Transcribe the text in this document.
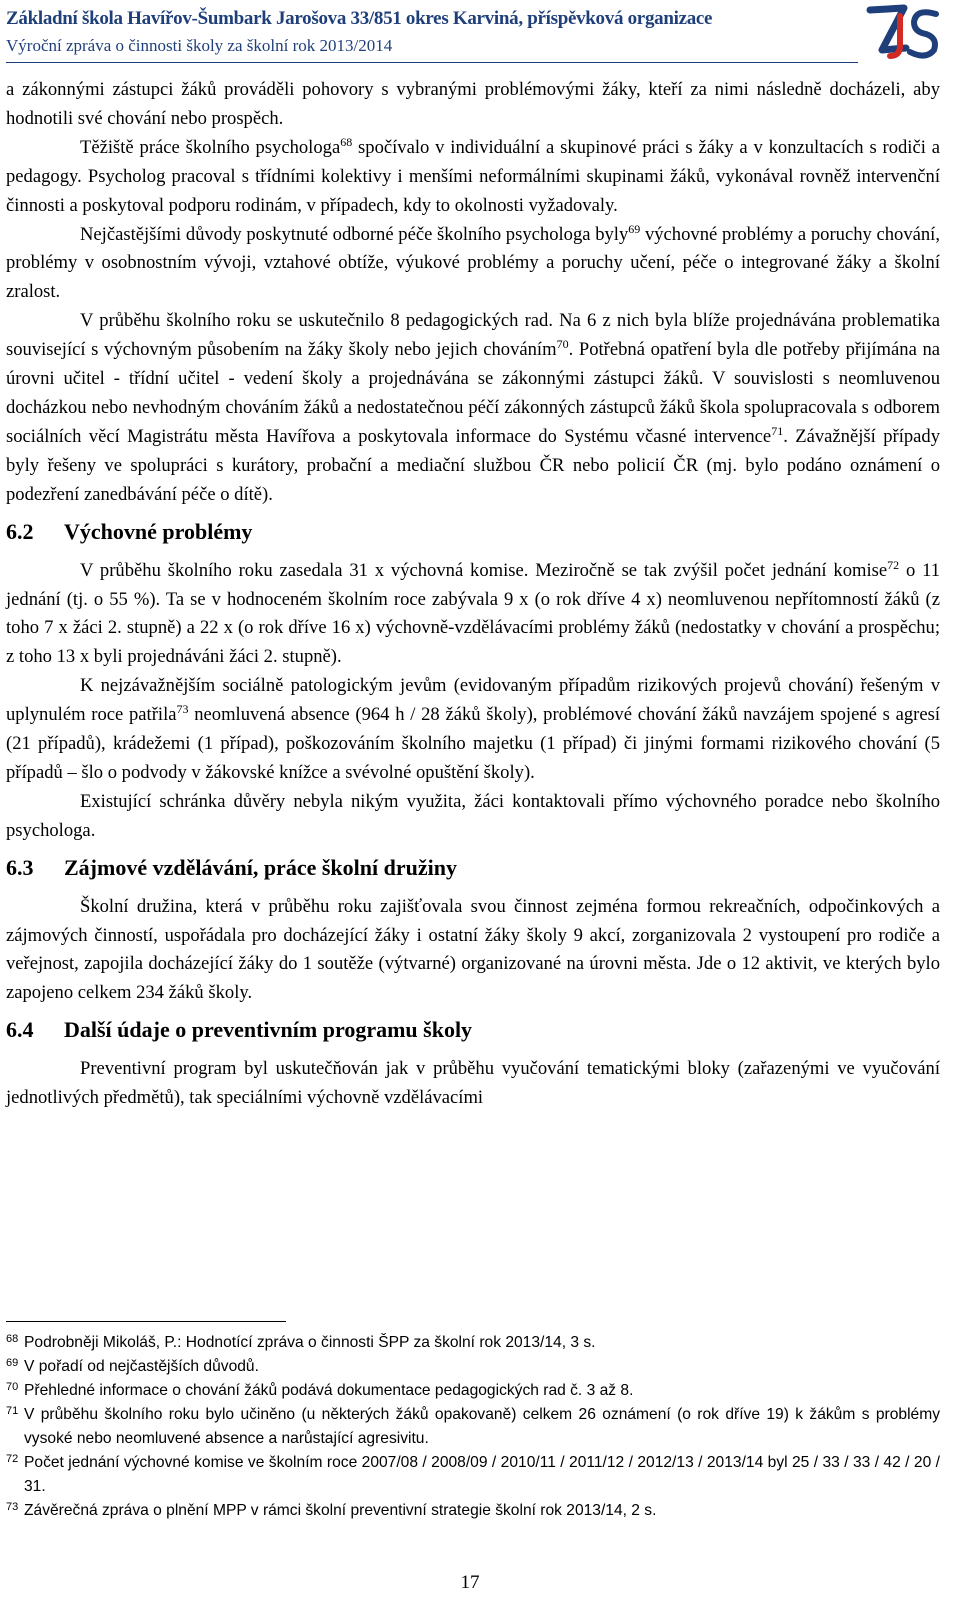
Základní škola Havířov-Šumbark Jarošova 33/851 okres Karviná, příspěvková organizace
Výroční zpráva o činnosti školy za školní rok 2013/2014

a zákonnými zástupci žáků prováděli pohovory s vybranými problémovými žáky, kteří za nimi následně docházeli, aby hodnotili své chování nebo prospěch.

Těžiště práce školního psychologa$^{68}$ spočívalo v individuální a skupinové práci s žáky a v konzultacích s rodiči a pedagogy. Psycholog pracoval s třídními kolektivy i menšími neformálními skupinami žáků, vykonával rovněž intervenční činnosti a poskytoval podporu rodinám, v případech, kdy to okolnosti vyžadovaly.

Nejčastějšími důvody poskytnuté odborné péče školního psychologa byly$^{69}$ výchovné problémy a poruchy chování, problémy v osobnostním vývoji, vztahové obtíže, výukové problémy a poruchy učení, péče o integrované žáky a školní zralost.

V průběhu školního roku se uskutečnilo 8 pedagogických rad. Na 6 z nich byla blíže projednávána problematika související s výchovným působením na žáky školy nebo jejich chováním$^{70}$. Potřebná opatření byla dle potřeby přijímána na úrovni učitel - třídní učitel - vedení školy a projednávána se zákonnými zástupci žáků. V souvislosti s neomluvenou docházkou nebo nevhodným chováním žáků a nedostatečnou péčí zákonných zástupců žáků škola spolupracovala s odborem sociálních věcí Magistrátu města Havířova a poskytovala informace do Systému včasné intervence$^{71}$. Závažnější případy byly řešeny ve spolupráci s kurátory, probační a mediační službou ČR nebo policií ČR (mj. bylo podáno oznámení o podezření zanedbávání péče o dítě).

6.2 Výchovné problémy

V průběhu školního roku zasedala 31 x výchovná komise. Meziročně se tak zvýšil počet jednání komise$^{72}$ o 11 jednání (tj. o 55 %). Ta se v hodnoceném školním roce zabývala 9 x (o rok dříve 4 x) neomluvenou nepřítomností žáků (z toho 7 x žáci 2. stupně) a 22 x (o rok dříve 16 x) výchovně-vzdělávacími problémy žáků (nedostatky v chování a prospěchu; z toho 13 x byli projednáváni žáci 2. stupně).

K nejzávažnějším sociálně patologickým jevům (evidovaným případům rizikových projevů chování) řešeným v uplynulém roce patřila$^{73}$ neomluvená absence (964 h / 28 žáků školy), problémové chování žáků navzájem spojené s agresí (21 případů), krádežemi (1 případ), poškozováním školního majetku (1 případ) či jinými formami rizikového chování (5 případů – šlo o podvody v žákovské knížce a svévolné opuštění školy).

Existující schránka důvěry nebyla nikým využita, žáci kontaktovali přímo výchovného poradce nebo školního psychologa.

6.3 Zájmové vzdělávání, práce školní družiny

Školní družina, která v průběhu roku zajišťovala svou činnost zejména formou rekreačních, odpočinkových a zájmových činností, uspořádala pro docházející žáky i ostatní žáky školy 9 akcí, zorganizovala 2 vystoupení pro rodiče a veřejnost, zapojila docházející žáky do 1 soutěže (výtvarné) organizované na úrovni města. Jde o 12 aktivit, ve kterých bylo zapojeno celkem 234 žáků školy.

6.4 Další údaje o preventivním programu školy

Preventivní program byl uskutečňován jak v průběhu vyučování tematickými bloky (zařazenými ve vyučování jednotlivých předmětů), tak speciálními výchovně vzdělávacími

68 Podrobněji Mikoláš, P.: Hodnotící zpráva o činnosti ŠPP za školní rok 2013/14, 3 s.
69 V pořadí od nejčastějších důvodů.
70 Přehledné informace o chování žáků podává dokumentace pedagogických rad č. 3 až 8.
71 V průběhu školního roku bylo učiněno (u některých žáků opakovaně) celkem 26 oznámení (o rok dříve 19) k žákům s problémy vysoké nebo neomluvené absence a narůstající agresivitu.
72 Počet jednání výchovné komise ve školním roce 2007/08 / 2008/09 / 2010/11 / 2011/12 / 2012/13 / 2013/14 byl 25 / 33 / 33 / 42 / 20 / 31.
73 Závěrečná zpráva o plnění MPP v rámci školní preventivní strategie školní rok 2013/14, 2 s.
17
